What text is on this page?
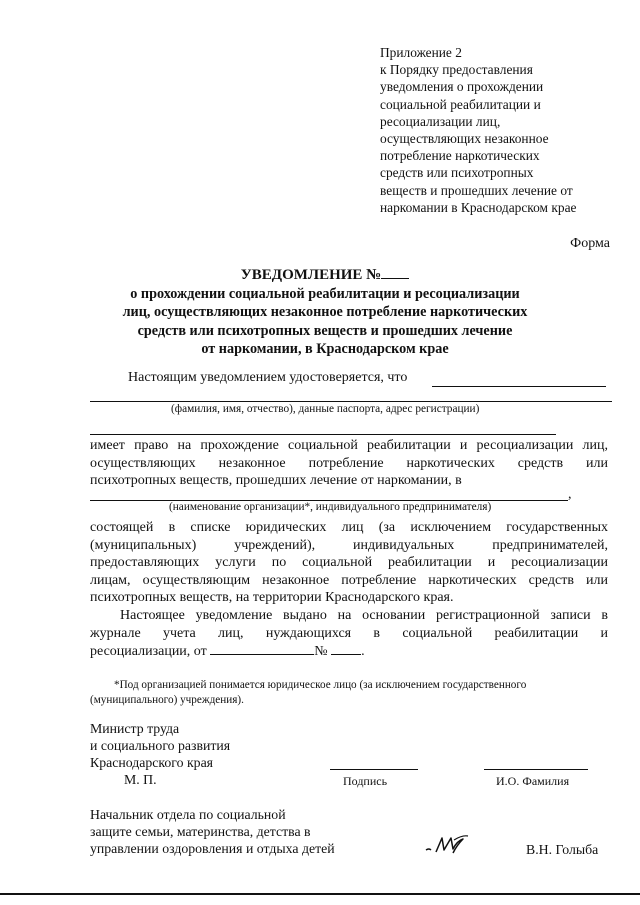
Приложение 2
к Порядку предоставления
уведомления о прохождении
социальной реабилитации и
ресоциализации лиц,
осуществляющих незаконное
потребление наркотических
средств или психотропных
веществ и прошедших лечение от
наркомании в Краснодарском крае
Форма
УВЕДОМЛЕНИЕ №
о прохождении социальной реабилитации и ресоциализации
лиц, осуществляющих незаконное потребление наркотических
средств или психотропных веществ и прошедших лечение
от наркомании, в Краснодарском крае
Настоящим уведомлением удостоверяется, что
(фамилия, имя, отчество), данные паспорта, адрес регистрации)
имеет право на прохождение социальной реабилитации и ресоциализации лиц,
осуществляющих незаконное потребление наркотических средств или
психотропных веществ, прошедших лечение от наркомании, в
,
(наименование организации*, индивидуального предпринимателя)
состоящей в списке юридических лиц (за исключением государственных
(муниципальных) учреждений), индивидуальных предпринимателей,
предоставляющих услуги по социальной реабилитации и ресоциализации
лицам, осуществляющим незаконное потребление наркотических средств или
психотропных веществ, на территории Краснодарского края.
Настоящее уведомление выдано на основании регистрационной записи в
журнале учета лиц, нуждающихся в социальной реабилитации и
ресоциализации, от	№ .
*Под организацией понимается юридическое лицо (за исключением государственного (муниципального) учреждения).
Министр труда
и социального развития
Краснодарского края
М. П.	Подпись	И.О. Фамилия
Начальник отдела по социальной
защите семьи, материнства, детства в
управлении оздоровления и отдыха детей	В.Н. Голыба
